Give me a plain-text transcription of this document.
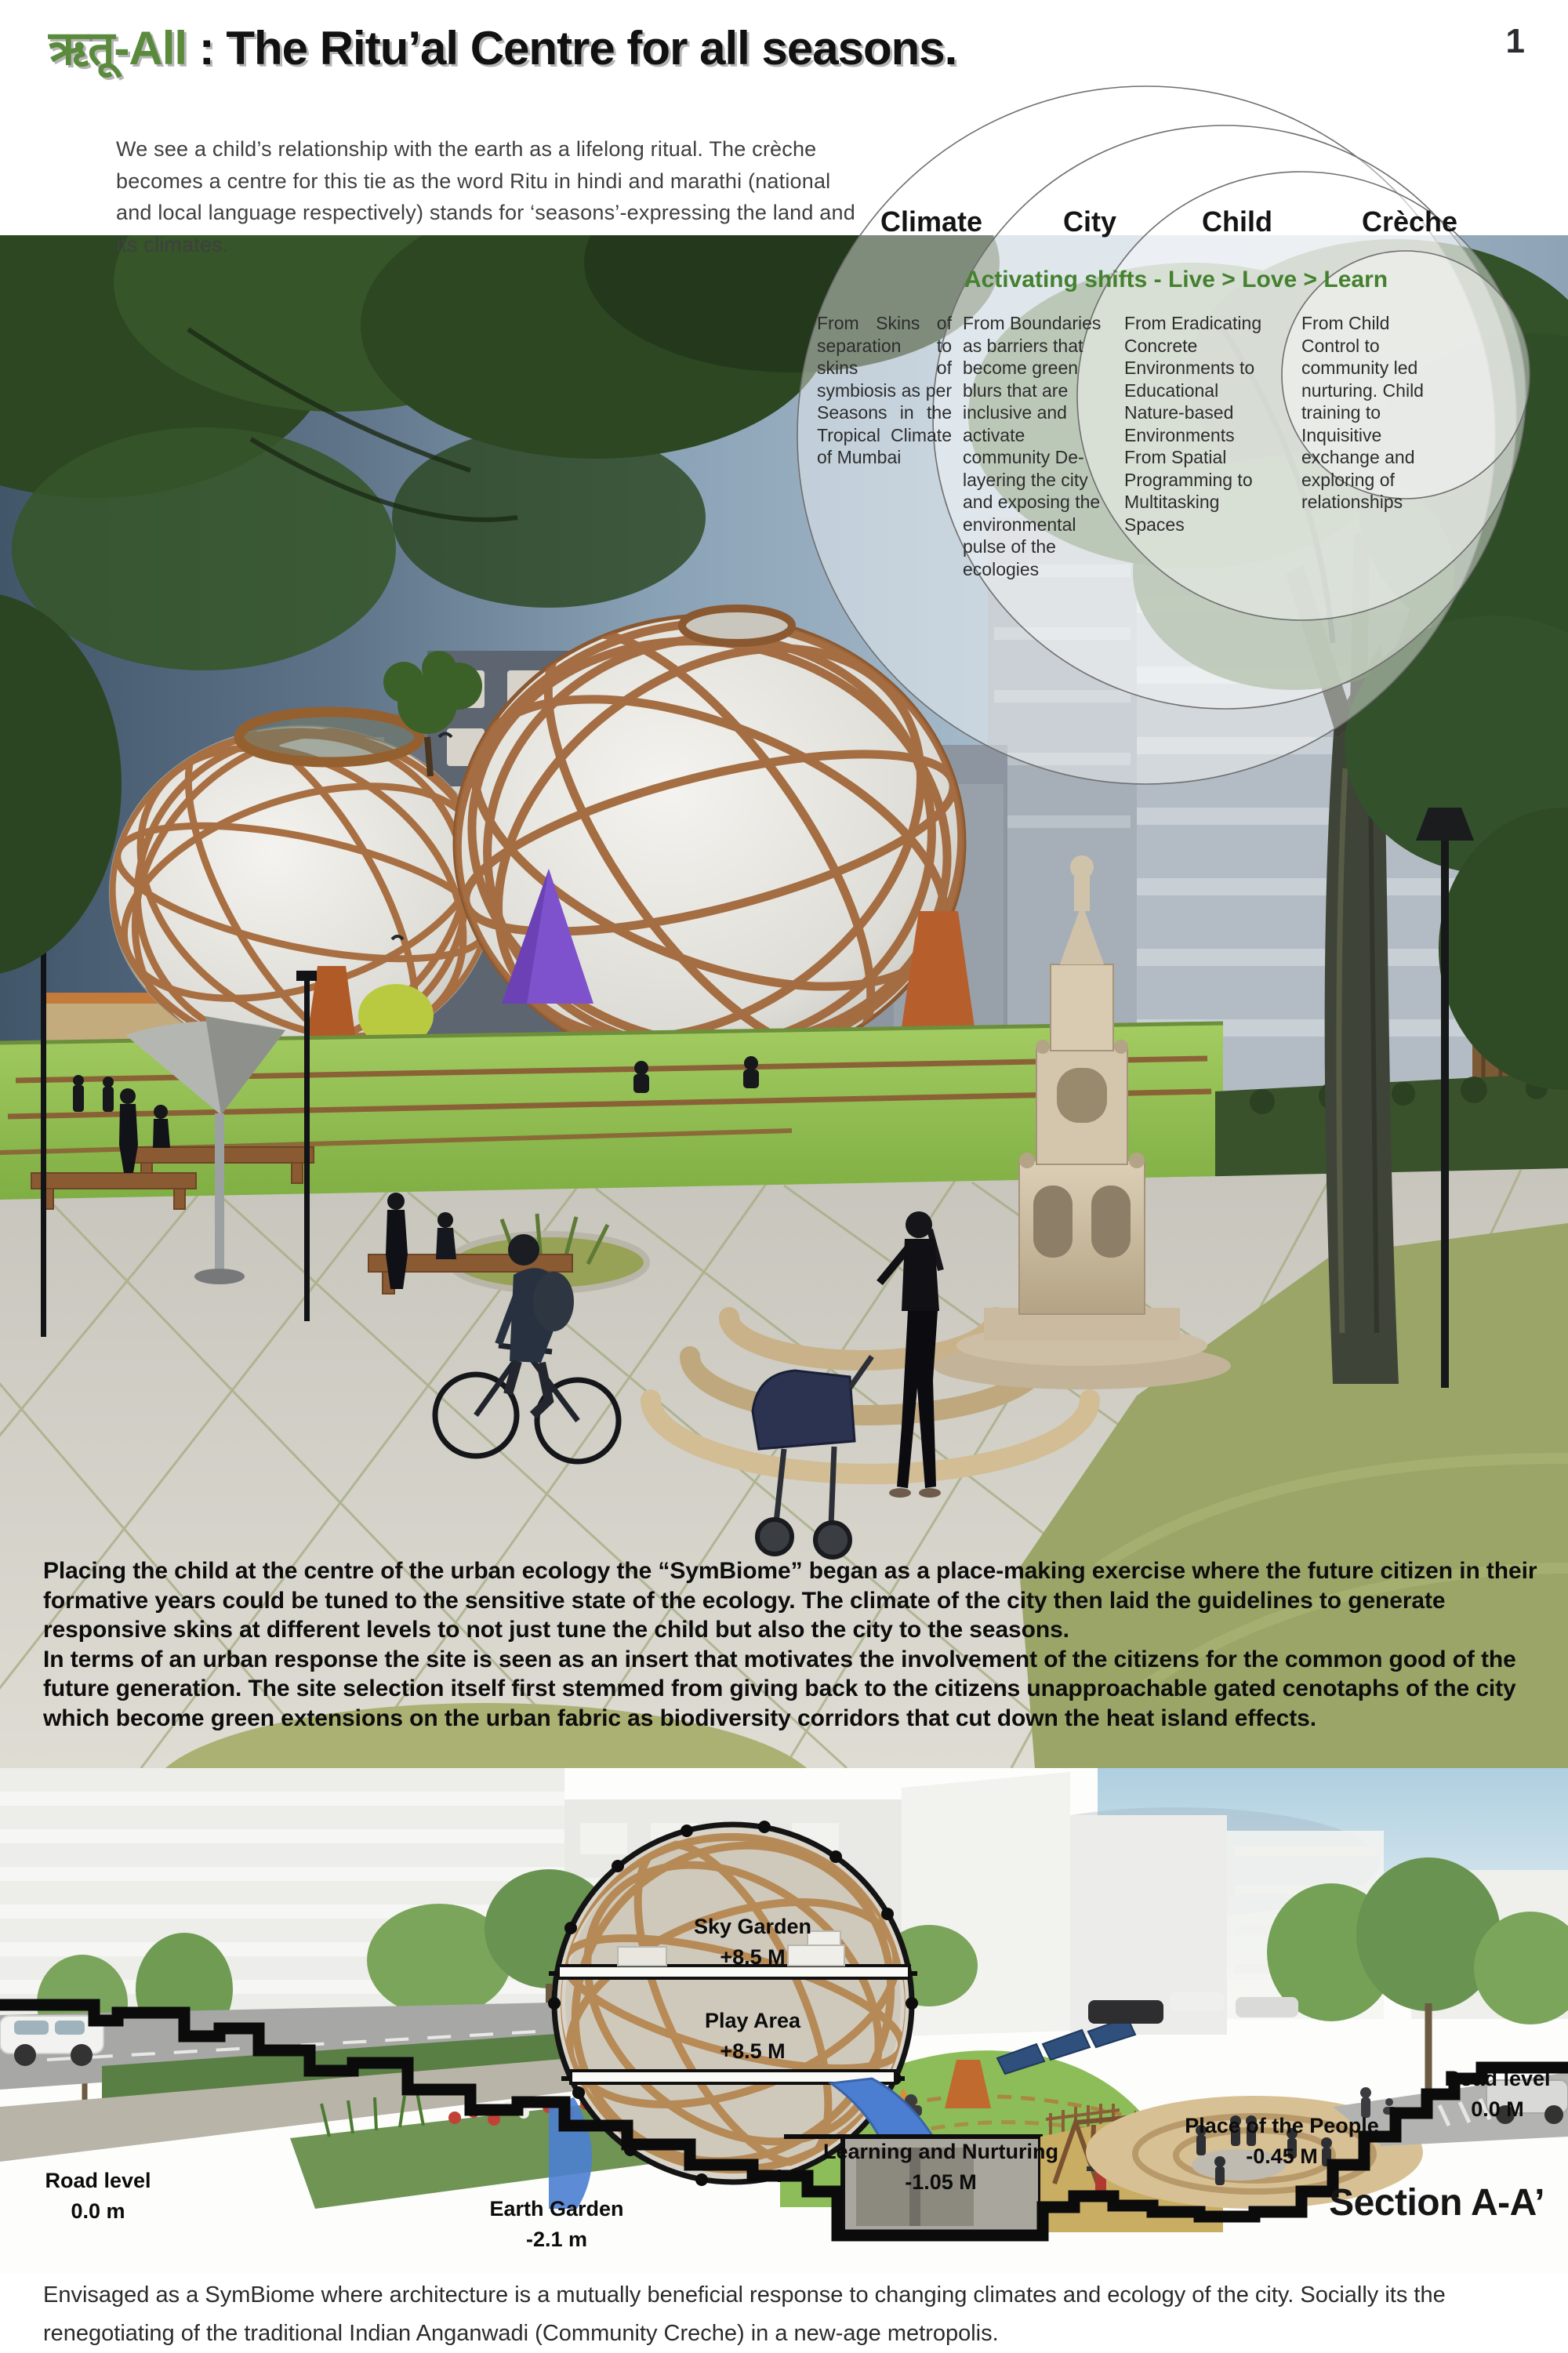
ऋतू-All : The Ritu’al Centre for all seasons.	1
We see a child’s relationship with the earth as a lifelong ritual. The crèche becomes a centre for this tie as the word Ritu in hindi and marathi (national and local language respectively) stands for ‘seasons’-expressing the land and its climates.
Climate	City	Child	Crèche
Activating shifts - Live > Love > Learn
From Skins of separation to skins of symbiosis as per Seasons in the Tropical Climate of Mumbai
From Boundaries as barriers that become green blurs that are inclusive and activate community De-layering the city and exposing the environmental pulse of the ecologies
From Eradicating Concrete Environments to Educational Nature-based Environments From Spatial Programming to Multitasking Spaces
From Child Control to community led nurturing. Child training to Inquisitive exchange and exploring of relationships

Placing the child at the centre of the urban ecology the “SymBiome” began as a place-making exercise where the future citizen in their formative years could be tuned to the sensitive state of the ecology. The climate of the city then laid the guidelines to generate responsive skins at different levels to not just tune the child but also the city to the seasons.

In terms of an urban response the site is seen as an insert that motivates the involvement of the citizens for the common good of the future generation. The site selection itself first stemmed from giving back to the citizens unapproachable gated cenotaphs of the city which become green extensions on the urban fabric as biodiversity corridors that cut down the heat island effects.

Sky Garden
+8.5 M
Play Area
+8.5 M
Learning and Nurturing
-1.05 M
Earth Garden
-2.1 m
Road level
0.0 m
Place of the People
-0.45 M
Road level
0.0 M
Section A-A’
Envisaged as a SymBiome where architecture is a mutually beneficial response to changing climates and ecology of the city. Socially its the renegotiating of the traditional Indian Anganwadi (Community Creche) in a new-age metropolis.
